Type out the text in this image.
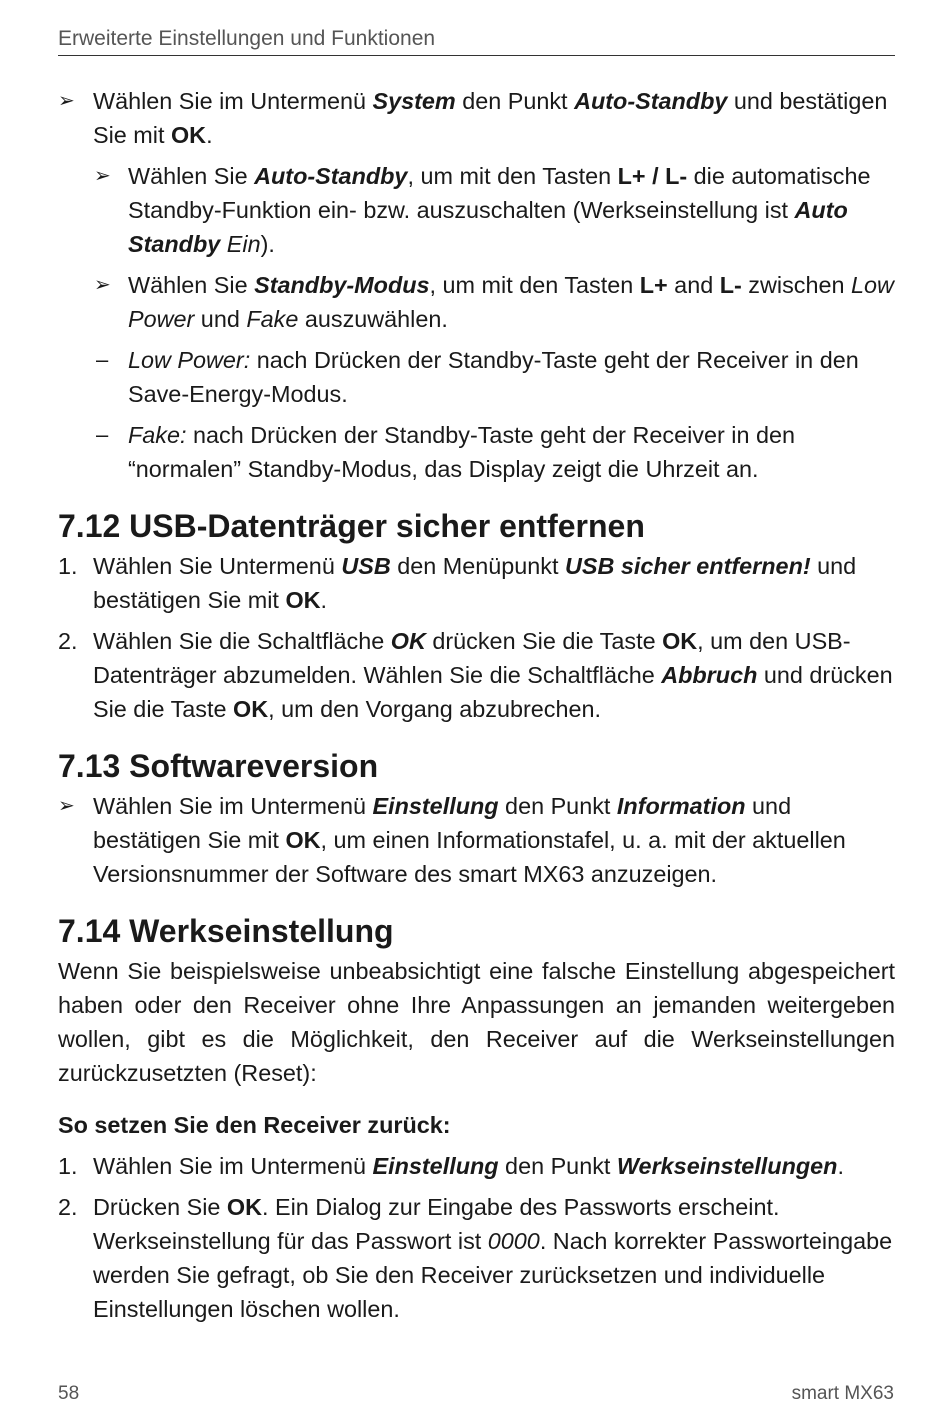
Erweiterte Einstellungen und Funktionen
➢ Wählen Sie im Untermenü System den Punkt Auto-Standby und bestätigen Sie mit OK.
➢ Wählen Sie Auto-Standby, um mit den Tasten L+ / L- die automatische Standby-Funktion ein- bzw. auszuschalten (Werkseinstellung ist Auto Standby Ein).
➢ Wählen Sie Standby-Modus, um mit den Tasten L+ and L- zwischen Low Power und Fake auszuwählen.
– Low Power: nach Drücken der Standby-Taste geht der Receiver in den Save-Energy-Modus.
– Fake: nach Drücken der Standby-Taste geht der Receiver in den “normalen” Standby-Modus, das Display zeigt die Uhrzeit an.
7.12 USB-Datenträger sicher entfernen
1. Wählen Sie Untermenü USB den Menüpunkt USB sicher entfernen! und bestätigen Sie mit OK.
2. Wählen Sie die Schaltfläche OK drücken Sie die Taste OK, um den USB-Datenträger abzumelden. Wählen Sie die Schaltfläche Abbruch und drücken Sie die Taste OK, um den Vorgang abzubrechen.
7.13 Softwareversion
➢ Wählen Sie im Untermenü Einstellung den Punkt Information und bestätigen Sie mit OK, um einen Informationstafel, u. a. mit der aktuellen Versionsnummer der Software des smart MX63 anzuzeigen.
7.14 Werkseinstellung
Wenn Sie beispielsweise unbeabsichtigt eine falsche Einstellung abgespeichert haben oder den Receiver ohne Ihre Anpassungen an jemanden weitergeben wollen, gibt es die Möglichkeit, den Receiver auf die Werkseinstellungen zurückzusetzten (Reset):
So setzen Sie den Receiver zurück:
1. Wählen Sie im Untermenü Einstellung den Punkt Werkseinstellungen.
2. Drücken Sie OK. Ein Dialog zur Eingabe des Passworts erscheint. Werkseinstellung für das Passwort ist 0000. Nach korrekter Passworteingabe werden Sie gefragt, ob Sie den Receiver zurücksetzen und individuelle Einstellungen löschen wollen.
58	smart MX63
